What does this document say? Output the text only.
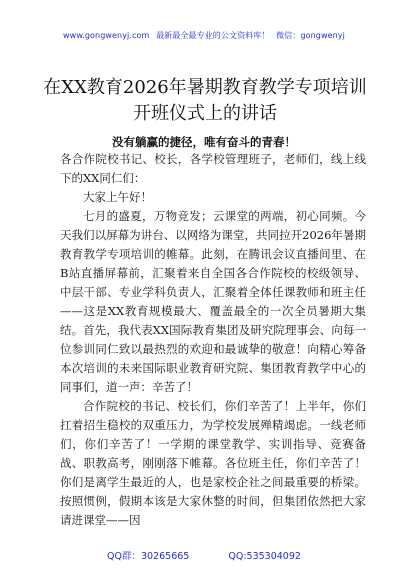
www.gongwenyj.com 最新最全最专业的公文资料库！ 微信：gongwenyj
在XX教育2026年暑期教育教学专项培训开班仪式上的讲话
没有躺赢的捷径，唯有奋斗的青春！

各合作院校书记、校长，各学校管理班子，老师们，线上线下的XX同仁们：

大家上午好！

七月的盛夏，万物竞发；云课堂的两端，初心同频。今天我们以屏幕为讲台、以网络为课堂，共同拉开2026年暑期教育教学专项培训的帷幕。此刻，在腾讯会议直播间里、在B站直播屏幕前，汇聚着来自全国各合作院校的校级领导、中层干部、专业学科负责人，汇聚着全体任课教师和班主任——这是XX教育规模最大、覆盖最全的一次全员暑期大集结。首先，我代表XX国际教育集团及研究院理事会、向每一位参训同仁致以最热烈的欢迎和最诚挚的敬意！向精心筹备本次培训的未来国际职业教育研究院、集团教育教学中心的同事们，道一声：辛苦了！

合作院校的书记、校长们，你们辛苦了！上半年，你们扛着招生稳校的双重压力，为学校发展殚精竭虑。一线老师们，你们辛苦了！一学期的课堂教学、实训指导、竞赛备战、职教高考，刚刚落下帷幕。各位班主任，你们辛苦了！你们是离学生最近的人，也是家校企社之间最重要的桥梁。按照惯例，假期本该是大家休整的时间，但集团依然把大家请进课堂——因

QQ群：30265665	QQ:535304092
